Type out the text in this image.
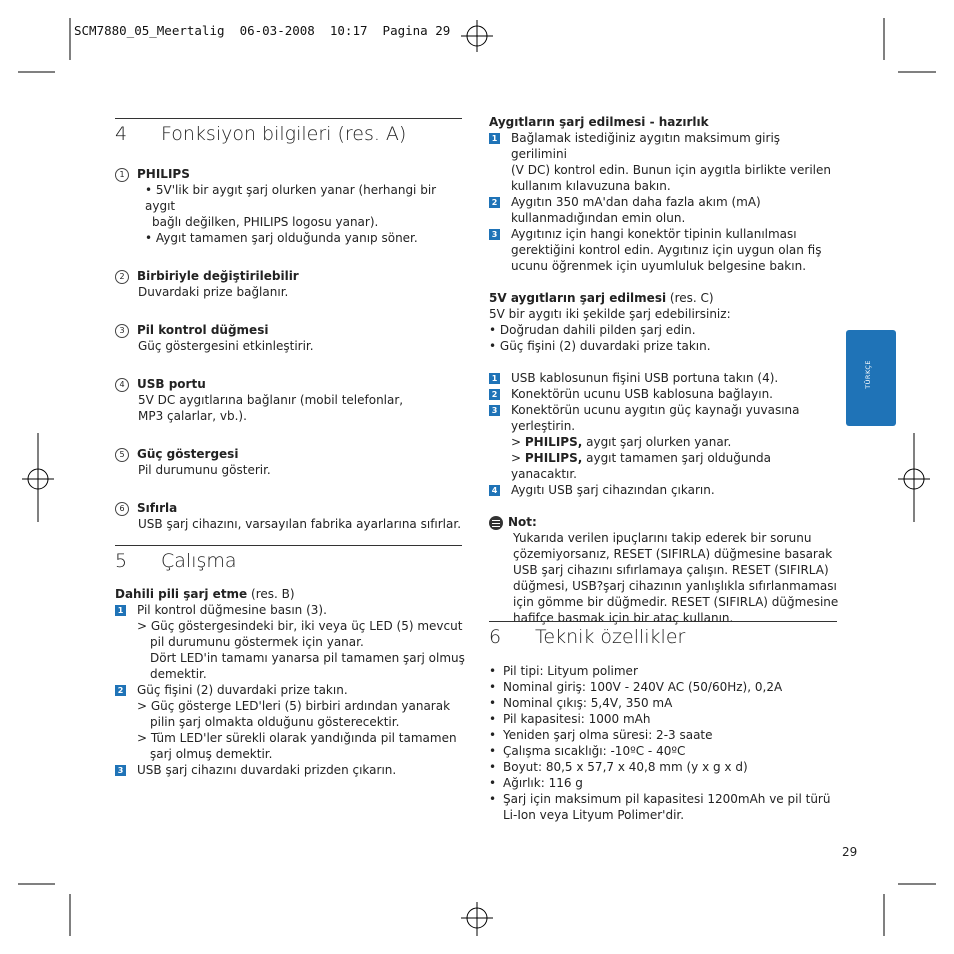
SCM7880_05_Meertalig  06-03-2008  10:17  Pagina 29
TÜRKÇE
4 Fonksiyon bilgileri (res. A)
1 PHILIPS
• 5V'lik bir aygıt şarj olurken yanar (herhangi bir aygıt
bağlı değilken, PHILIPS logosu yanar).
• Aygıt tamamen şarj olduğunda yanıp söner.
2 Birbiriyle değiştirilebilir
Duvardaki prize bağlanır.
3 Pil kontrol düğmesi
Güç göstergesini etkinleştirir.
4 USB portu
5V DC aygıtlarına bağlanır (mobil telefonlar,
MP3 çalarlar, vb.).
5 Güç göstergesi
Pil durumunu gösterir.
6 Sıfırla
USB şarj cihazını, varsayılan fabrika ayarlarına sıfırlar.
5 Çalışma
Dahili pili şarj etme (res. B)
1 Pil kontrol düğmesine basın (3).
> Güç göstergesindeki bir, iki veya üç LED (5) mevcut
pil durumunu göstermek için yanar.
Dört LED'in tamamı yanarsa pil tamamen şarj olmuş
demektir.
2 Güç fişini (2) duvardaki prize takın.
> Güç gösterge LED'leri (5) birbiri ardından yanarak
pilin şarj olmakta olduğunu gösterecektir.
> Tüm LED'ler sürekli olarak yandığında pil tamamen
şarj olmuş demektir.
3 USB şarj cihazını duvardaki prizden çıkarın.
Aygıtların şarj edilmesi - hazırlık
1 Bağlamak istediğiniz aygıtın maksimum giriş gerilimini
(V DC) kontrol edin. Bunun için aygıtla birlikte verilen
kullanım kılavuzuna bakın.
2 Aygıtın 350 mA'dan daha fazla akım (mA)
kullanmadığından emin olun.
3 Aygıtınız için hangi konektör tipinin kullanılması
gerektiğini kontrol edin. Aygıtınız için uygun olan fiş
ucunu öğrenmek için uyumluluk belgesine bakın.
5V aygıtların şarj edilmesi (res. C)
5V bir aygıtı iki şekilde şarj edebilirsiniz:
• Doğrudan dahili pilden şarj edin.
• Güç fişini (2) duvardaki prize takın.
1 USB kablosunun fişini USB portuna takın (4).
2 Konektörün ucunu USB kablosuna bağlayın.
3 Konektörün ucunu aygıtın güç kaynağı yuvasına
yerleştirin.
> PHILIPS, aygıt şarj olurken yanar.
> PHILIPS, aygıt tamamen şarj olduğunda yanacaktır.
4 Aygıtı USB şarj cihazından çıkarın.
Not:
Yukarıda verilen ipuçlarını takip ederek bir sorunu
çözemiyorsanız, RESET (SIFIRLA) düğmesine basarak
USB şarj cihazını sıfırlamaya çalışın. RESET (SIFIRLA)
düğmesi, USB?şarj cihazının yanlışlıkla sıfırlanmaması
için gömme bir düğmedir. RESET (SIFIRLA) düğmesine
hafifçe basmak için bir ataç kullanın.
6 Teknik özellikler
• Pil tipi: Lityum polimer
• Nominal giriş: 100V - 240V AC (50/60Hz), 0,2A
• Nominal çıkış: 5,4V, 350 mA
• Pil kapasitesi: 1000 mAh
• Yeniden şarj olma süresi: 2-3 saate
• Çalışma sıcaklığı: -10ºC - 40ºC
• Boyut: 80,5 x 57,7 x 40,8 mm (y x g x d)
• Ağırlık: 116 g
• Şarj için maksimum pil kapasitesi 1200mAh ve pil türü
Li-Ion veya Lityum Polimer'dir.
29
